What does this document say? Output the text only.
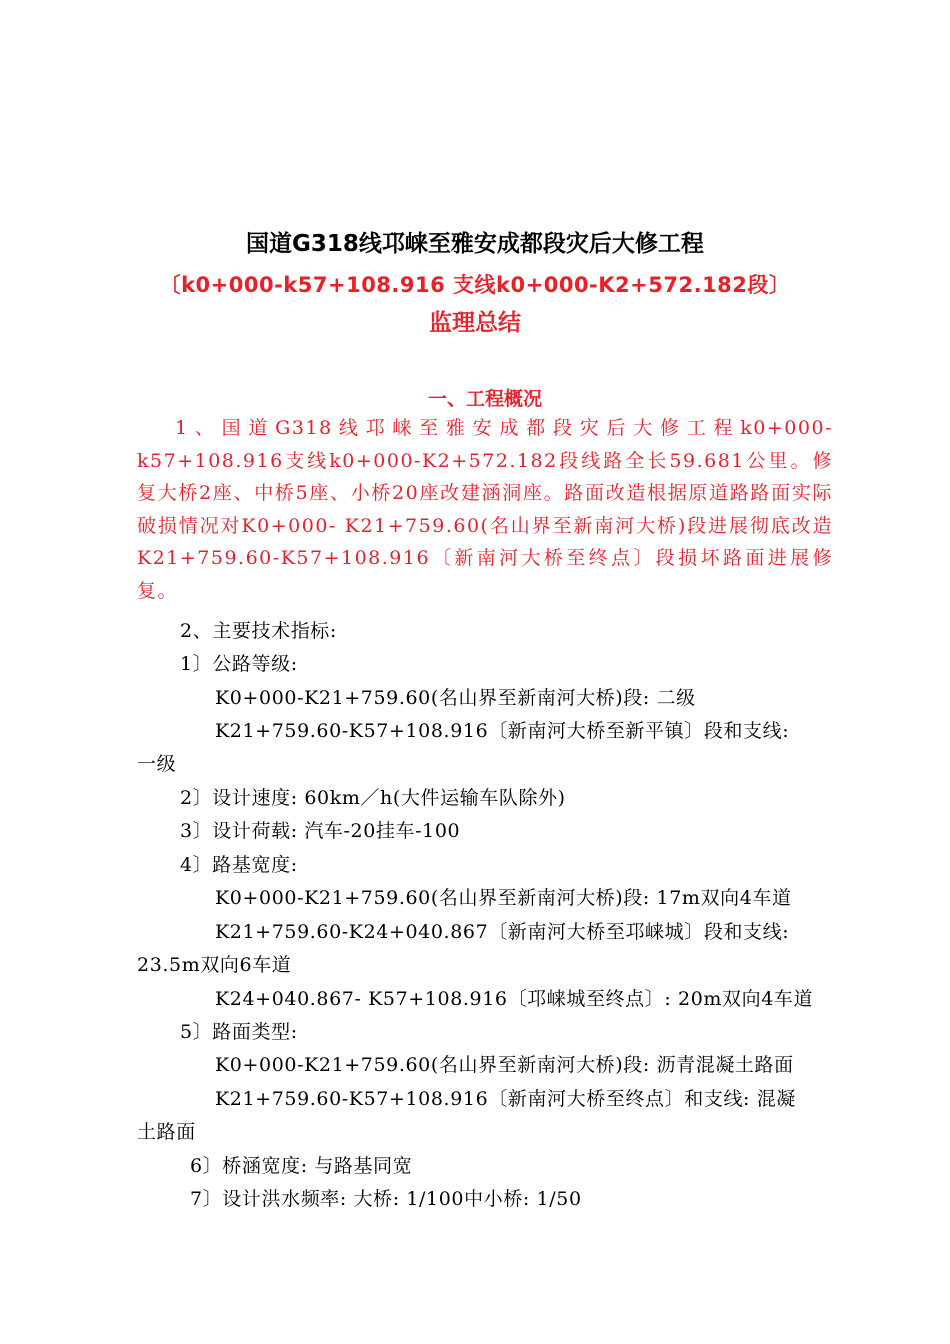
国道G318线邛崃至雅安成都段灾后大修工程
〔k0+000-k57+108.916 支线k0+000-K2+572.182段〕
监理总结
一、工程概况
1、国道G318线邛崃至雅安成都段灾后大修工程k0+000-k57+108.916支线k0+000-K2+572.182段线路全长59.681公里。修复大桥2座、中桥5座、小桥20座改建涵洞座。路面改造根据原道路路面实际破损情况对K0+000- K21+759.60(名山界至新南河大桥)段进展彻底改造K21+759.60-K57+108.916〔新南河大桥至终点〕段损坏路面进展修复。
2、主要技术指标:
1〕公路等级:
K0+000-K21+759.60(名山界至新南河大桥)段: 二级
K21+759.60-K57+108.916〔新南河大桥至新平镇〕段和支线:
一级
2〕设计速度: 60km／h(大件运输车队除外)
3〕设计荷载: 汽车-20挂车-100
4〕路基宽度:
K0+000-K21+759.60(名山界至新南河大桥)段: 17m双向4车道
K21+759.60-K24+040.867〔新南河大桥至邛崃城〕段和支线:
23.5m双向6车道
K24+040.867- K57+108.916〔邛崃城至终点〕: 20m双向4车道
5〕路面类型:
K0+000-K21+759.60(名山界至新南河大桥)段: 沥青混凝土路面
K21+759.60-K57+108.916〔新南河大桥至终点〕和支线: 混凝
土路面
6〕桥涵宽度: 与路基同宽
7〕设计洪水频率: 大桥: 1/100中小桥: 1/50
